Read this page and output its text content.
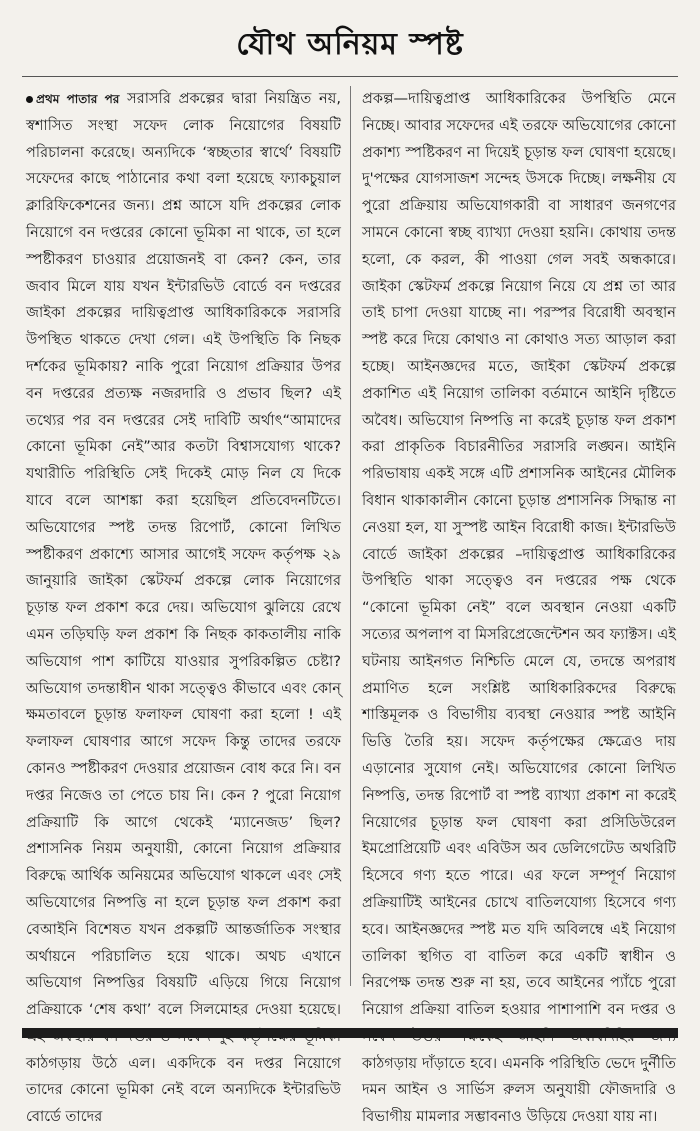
যৌথ অনিয়ম স্পষ্ট

প্রথম পাতার পর সরাসরি প্রকল্পের দ্বারা নিয়ন্ত্রিত নয়, স্বশাসিত সংস্থা সফেদ লোক নিয়োগের বিষয়টি পরিচালনা করেছে। অন্যদিকে ‘স্বচ্ছতার স্বার্থে’ বিষয়টি সফেদের কাছে পাঠানোর কথা বলা হয়েছে ফ্যাকচুয়াল ক্লারিফিকেশনের জন্য। প্রশ্ন আসে যদি প্রকল্পের লোক নিয়োগে বন দপ্তরের কোনো ভূমিকা না থাকে, তা হলে স্পষ্টীকরণ চাওয়ার প্রয়োজনই বা কেন? কেন, তার জবাব মিলে যায় যখন ইন্টারভিউ বোর্ডে বন দপ্তরের জাইকা প্রকল্পের দায়িত্বপ্রাপ্ত আধিকারিককে সরাসরি উপস্থিত থাকতে দেখা গেল। এই উপস্থিতি কি নিছক দর্শকের ভূমিকায়? নাকি পুরো নিয়োগ প্রক্রিয়ার উপর বন দপ্তরের প্রত্যক্ষ নজরদারি ও প্রভাব ছিল? এই তথ্যের পর বন দপ্তরের সেই দাবিটি অর্থাৎ“আমাদের কোনো ভূমিকা নেই”আর কতটা বিশ্বাসযোগ্য থাকে? যথারীতি পরিস্থিতি সেই দিকেই মোড় নিল যে দিকে যাবে বলে আশঙ্কা করা হয়েছিল প্রতিবেদনটিতে। অভিযোগের স্পষ্ট তদন্ত রিপোর্ট, কোনো লিখিত স্পষ্টীকরণ প্রকাশ্যে আসার আগেই সফেদ কর্তৃপক্ষ ২৯ জানুয়ারি জাইকা স্কেটফর্ম প্রকল্পে লোক নিয়োগের চূড়ান্ত ফল প্রকাশ করে দেয়। অভিযোগ ঝুলিয়ে রেখে এমন তড়িঘড়ি ফল প্রকাশ কি নিছক কাকতালীয় নাকি অভিযোগ পাশ কাটিয়ে যাওয়ার সুপরিকল্পিত চেষ্টা? অভিযোগ তদন্তাধীন থাকা সত্ত্বেও কীভাবে এবং কোন্‌ ক্ষমতাবলে চূড়ান্ত ফলাফল ঘোষণা করা হলো ! এই ফলাফল ঘোষণার আগে সফেদ কিন্তু তাদের তরফে কোনও স্পষ্টীকরণ দেওয়ার প্রয়োজন বোধ করে নি। বন দপ্তর নিজেও তা পেতে চায় নি। কেন ? পুরো নিয়োগ প্রক্রিয়াটি কি আগে থেকেই ‘ম্যানেজড’ ছিল? প্রশাসনিক নিয়ম অনুযায়ী, কোনো নিয়োগ প্রক্রিয়ার বিরুদ্ধে আর্থিক অনিয়মের অভিযোগ থাকলে এবং সেই অভিযোগের নিষ্পত্তি না হলে চূড়ান্ত ফল প্রকাশ করা বেআইনি বিশেষত যখন প্রকল্পটি আন্তর্জাতিক সংস্থার অর্থায়নে পরিচালিত হয়ে থাকে। অথচ এখানে অভিযোগ নিষ্পত্তির বিষয়টি এড়িয়ে গিয়ে নিয়োগ প্রক্রিয়াকে ‘শেষ কথা’ বলে সিলমোহর দেওয়া হয়েছে। কাঠগড়ায় উঠে এল। একদিকে বন দপ্তর নিয়োগে তাদের কোনো ভূমিকা নেই বলে অন্যদিকে ইন্টারভিউ বোর্ডে তাদের

প্রকল্প—দায়িত্বপ্রাপ্ত আধিকারিকের উপস্থিতি মেনে নিচ্ছে। আবার সফেদের এই তরফে অভিযোগের কোনো প্রকাশ্য স্পষ্টিকরণ না দিয়েই চূড়ান্ত ফল ঘোষণা হয়েছে। দু'পক্ষের যোগসাজশ সন্দেহ উসকে দিচ্ছে। লক্ষনীয় যে পুরো প্রক্রিয়ায় অভিযোগকারী বা সাধারণ জনগণের সামনে কোনো স্বচ্ছ ব্যাখ্যা দেওয়া হয়নি। কোথায় তদন্ত হলো, কে করল, কী পাওয়া গেল সবই অন্ধকারে। জাইকা স্কেটফর্ম প্রকল্পে নিয়োগ নিয়ে যে প্রশ্ন তা আর তাই চাপা দেওয়া যাচ্ছে না। পরস্পর বিরোধী অবস্থান স্পষ্ট করে দিয়ে কোথাও না কোথাও সত্য আড়াল করা হচ্ছে। আইনজ্ঞদের মতে, জাইকা স্কেটফর্ম প্রকল্পে প্রকাশিত এই নিয়োগ তালিকা বর্তমানে আইনি দৃষ্টিতে অবৈধ। অভিযোগ নিষ্পত্তি না করেই চূড়ান্ত ফল প্রকাশ করা প্রাকৃতিক বিচারনীতির সরাসরি লঙ্ঘন। আইনি পরিভাষায় একই সঙ্গে এটি প্রশাসনিক আইনের মৌলিক বিধান থাকাকালীন কোনো চূড়ান্ত প্রশাসনিক সিদ্ধান্ত না নেওয়া হল, যা সুস্পষ্ট আইন বিরোধী কাজ। ইন্টারভিউ বোর্ডে জাইকা প্রকল্পের –দায়িত্বপ্রাপ্ত আধিকারিকের উপস্থিতি থাকা সত্ত্বেও বন দপ্তরের পক্ষ থেকে “কোনো ভূমিকা নেই” বলে অবস্থান নেওয়া একটি সত্যের অপলাপ বা মিসরিপ্রেজেন্টেশন অব ফ্যাক্টস। এই ঘটনায় আইনগত নিশ্চিতি মেলে যে, তদন্তে অপরাধ প্রমাণিত হলে সংশ্লিষ্ট আধিকারিকদের বিরুদ্ধে শাস্তিমূলক ও বিভাগীয় ব্যবস্থা নেওয়ার স্পষ্ট আইনি ভিত্তি তৈরি হয়। সফেদ কর্তৃপক্ষের ক্ষেত্রেও দায় এড়ানোর সুযোগ নেই। অভিযোগের কোনো লিখিত নিষ্পত্তি, তদন্ত রিপোর্ট বা স্পষ্ট ব্যাখ্যা প্রকাশ না করেই নিয়োগের চূড়ান্ত ফল ঘোষণা করা প্রসিডিউরেল ইমপ্রোপ্রিয়েটি এবং এবিউস অব ডেলিগেটেড অথরিটি হিসেবে গণ্য হতে পারে। এর ফলে সম্পূর্ণ নিয়োগ প্রক্রিয়াটিই আইনের চোখে বাতিলযোগ্য হিসেবে গণ্য হবে। আইনজ্ঞদের স্পষ্ট মত যদি অবিলম্বে এই নিয়োগ তালিকা স্থগিত বা বাতিল করে একটি স্বাধীন ও নিরপেক্ষ তদন্ত শুরু না হয়, তবে আইনের প্যাঁচে পুরো নিয়োগ প্রক্রিয়া বাতিল হওয়ার পাশাপাশি বন দপ্তর ও কাঠগড়ায় দাঁড়াতে হবে। এমনকি পরিস্থিতি ভেদে দুর্নীতি দমন আইন ও সার্ভিস রুলস অনুযায়ী ফৌজদারি ও বিভাগীয় মামলার সম্ভাবনাও উড়িয়ে দেওয়া যায় না।
